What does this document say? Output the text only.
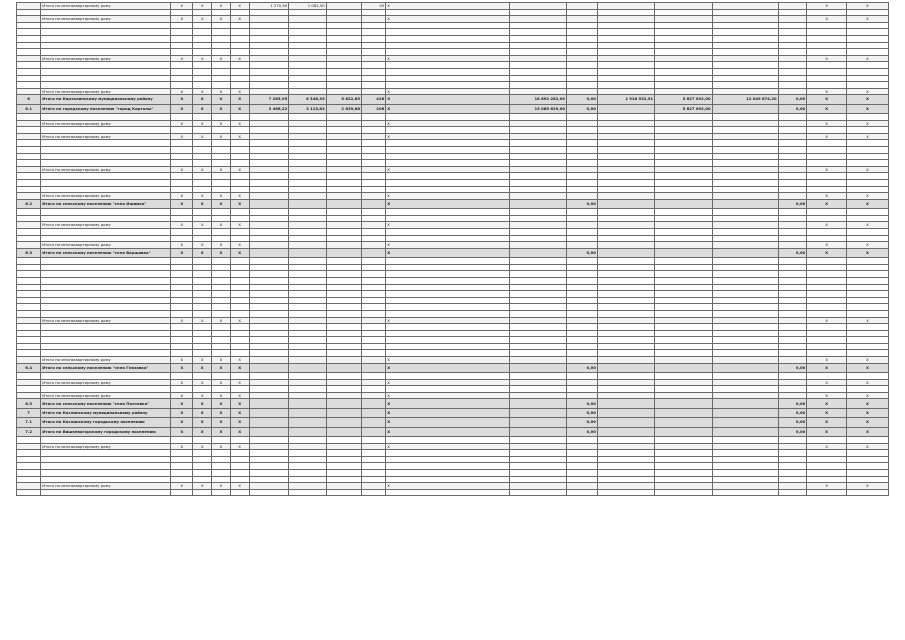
	Итого по многоквартирному дому	X	X	X	X	1 270,90	1 082,50		45	X							X	X

	Итого по многоквартирному дому	X	X	X	X					X							X	X

	Итого по многоквартирному дому	X	X	X	X					X							X	X

	Итого по многоквартирному дому	X	X	X	X					X							X	X
6	Итого по Карталинскому муниципальному району	X	X	X	X	7 285,95	6 348,35	5 622,85	426	X	18 892 282,00	0,00	1 916 532,51	5 827 092,00	12 049 874,20	0,00	X	X
6.1	Итого по городскому поселению "город Карталы"	X	X	X	X	3 466,22	3 113,83	2 839,88	206	X	15 085 629,00	0,00		5 827 092,00		0,00	X	X

	Итого по многоквартирному дому	X	X	X	X					X							X	X

	Итого по многоквартирному дому	X	X	X	X					X							X	X

	Итого по многоквартирному дому	X	X	X	X					X							X	X

	Итого по многоквартирному дому	X	X	X	X					X							X	X
6.2	Итого по сельскому поселению "село Ишимка"	X	X	X	X					X		0,00				0,00	X	X

	Итого по многоквартирному дому	X	X	X	X					X							X	X

	Итого по многоквартирному дому	X	X	X	X					X							X	X
6.3	Итого по сельскому поселению "село Варшавка"	X	X	X	X					X		0,00				0,00	X	X

	Итого по многоквартирному дому	X	X	X	X					X							X	X

	Итого по многоквартирному дому	X	X	X	X					X							X	X
6.4	Итого по сельскому поселению "село Глазовка"	X	X	X	X					X		0,00				0,00	X	X

	Итого по многоквартирному дому	X	X	X	X					X							X	X

	Итого по многоквартирному дому	X	X	X	X					X							X	X
6.5	Итого по сельскому поселению "село Полтавка"	X	X	X	X					X		0,00				0,00	X	X
7	Итого по Каслинскому муниципальному району	X	X	X	X					X		0,00				0,00	X	X
7.1	Итого по Каслинскому городскому поселению	X	X	X	X					X		0,00				0,00	X	X
7.2	Итого по Вишневогорскому городскому поселению	X	X	X	X					X		0,00				0,00	X	X

	Итого по многоквартирному дому	X	X	X	X					X							X	X

	Итого по многоквартирному дому	X	X	X	X					X							X	X
